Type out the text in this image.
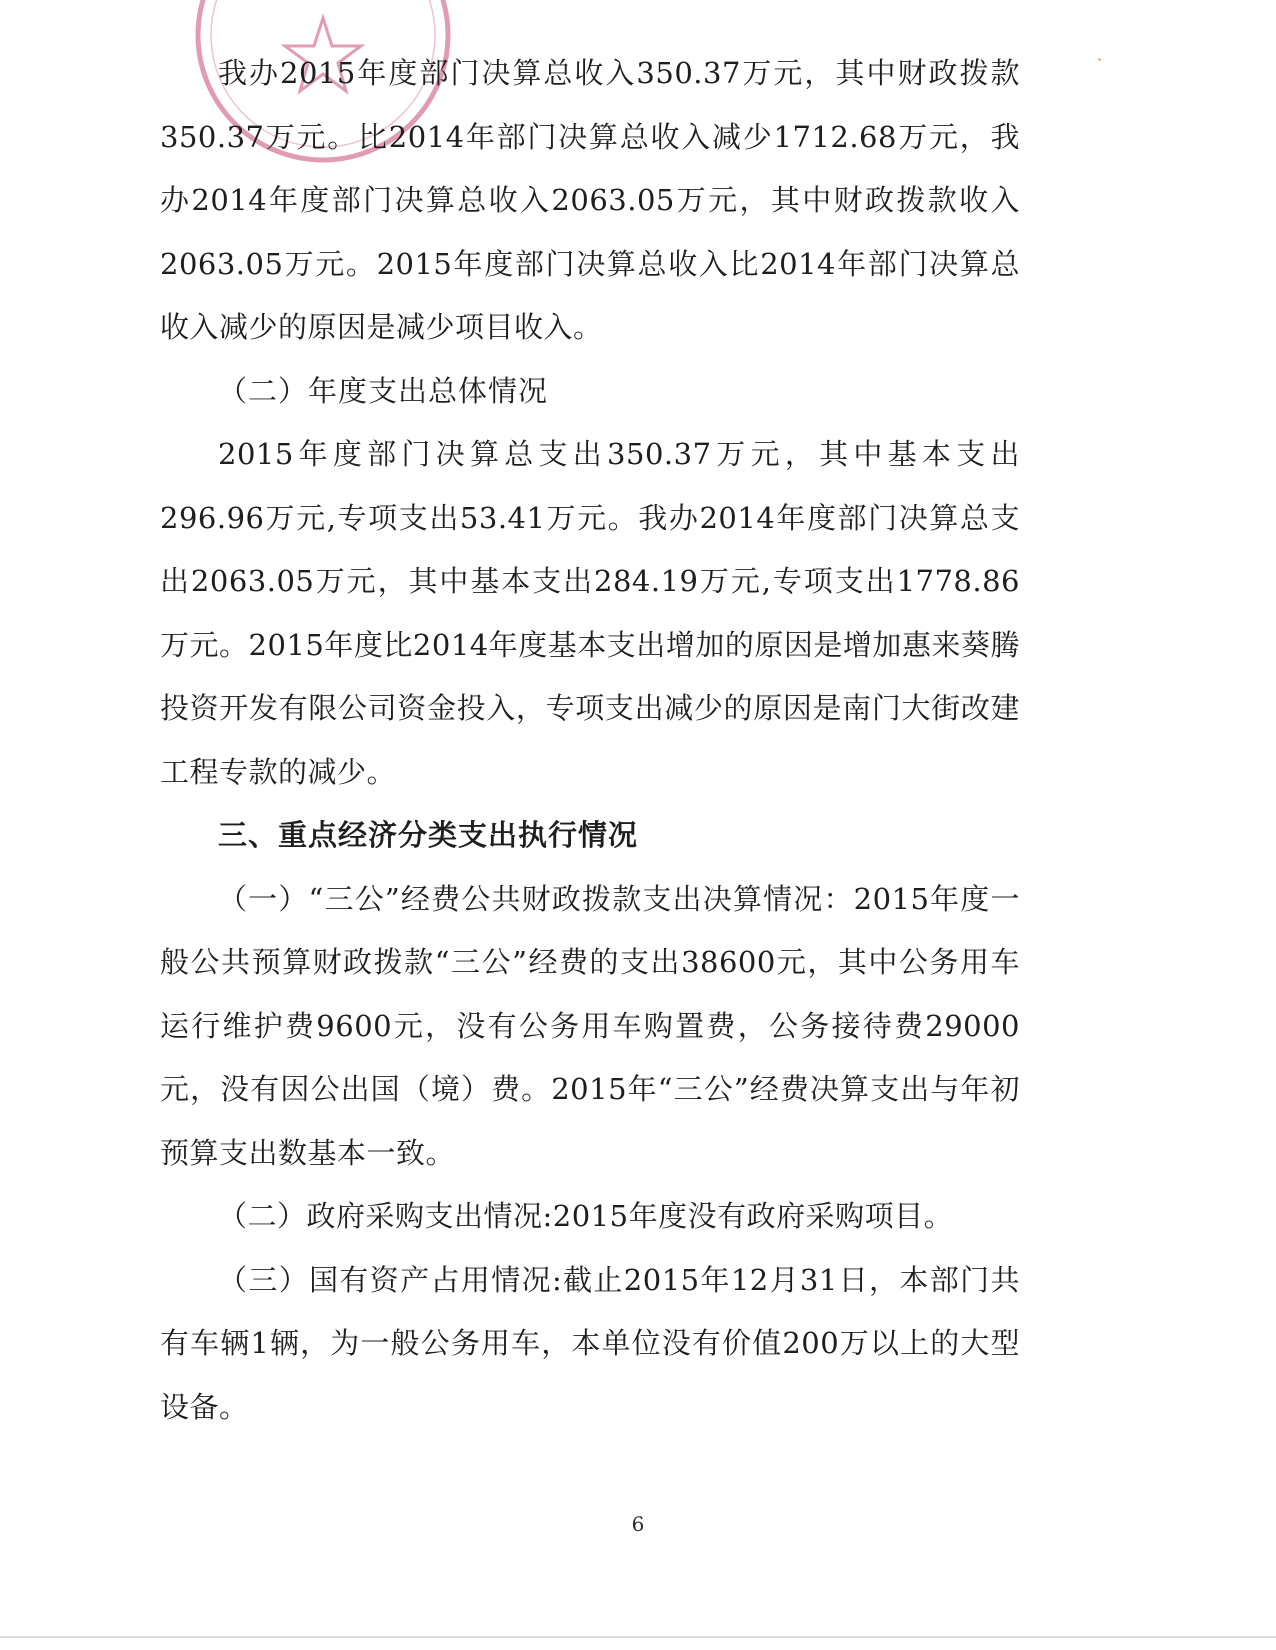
我办2015年度部门决算总收入350.37万元，其中财政拨款350.37万元。比2014年部门决算总收入减少1712.68万元，我办2014年度部门决算总收入2063.05万元，其中财政拨款收入2063.05万元。2015年度部门决算总收入比2014年部门决算总收入减少的原因是减少项目收入。

（二）年度支出总体情况

2015年度部门决算总支出350.37万元，其中基本支出296.96万元,专项支出53.41万元。我办2014年度部门决算总支出2063.05万元，其中基本支出284.19万元,专项支出1778.86万元。2015年度比2014年度基本支出增加的原因是增加惠来葵腾投资开发有限公司资金投入，专项支出减少的原因是南门大街改建工程专款的减少。

三、重点经济分类支出执行情况

（一）“三公”经费公共财政拨款支出决算情况：2015年度一般公共预算财政拨款“三公”经费的支出38600元，其中公务用车运行维护费9600元，没有公务用车购置费，公务接待费29000元，没有因公出国（境）费。2015年“三公”经费决算支出与年初预算支出数基本一致。

（二）政府采购支出情况:2015年度没有政府采购项目。

（三）国有资产占用情况:截止2015年12月31日，本部门共有车辆1辆，为一般公务用车，本单位没有价值200万以上的大型设备。

6
